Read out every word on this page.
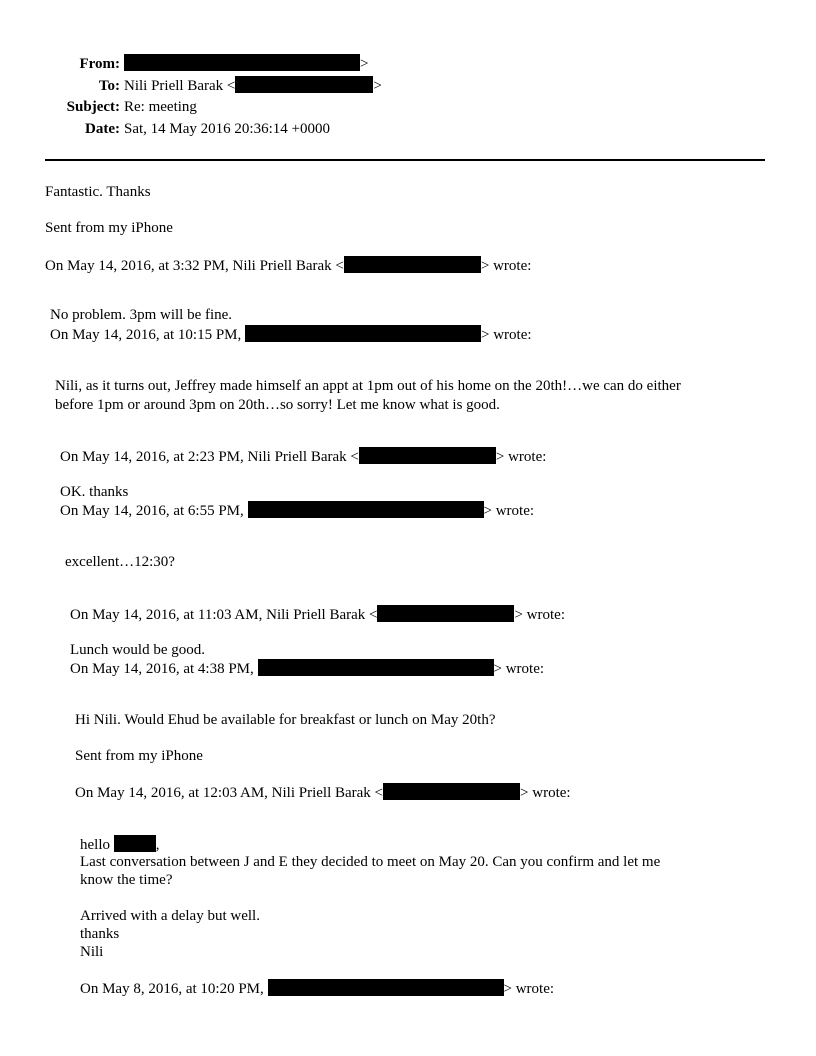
From:	>
To: Nili Priell Barak <	>
Subject: Re: meeting
Date: Sat, 14 May 2016 20:36:14 +0000
Fantastic. Thanks
Sent from my iPhone
On May 14, 2016, at 3:32 PM, Nili Priell Barak <	> wrote:
No problem. 3pm will be fine.
On May 14, 2016, at 10:15 PM,	> wrote:
Nili, as it turns out, Jeffrey made himself an appt at 1pm out of his home on the 20th!…we can do either
before 1pm or around 3pm on 20th…so sorry! Let me know what is good.
On May 14, 2016, at 2:23 PM, Nili Priell Barak <	> wrote:
OK. thanks
On May 14, 2016, at 6:55 PM,	> wrote:
excellent…12:30?
On May 14, 2016, at 11:03 AM, Nili Priell Barak <	> wrote:
Lunch would be good.
On May 14, 2016, at 4:38 PM,	> wrote:
Hi Nili. Would Ehud be available for breakfast or lunch on May 20th?
Sent from my iPhone
On May 14, 2016, at 12:03 AM, Nili Priell Barak <	> wrote:
hello	,
Last conversation between J and E they decided to meet on May 20. Can you confirm and let me
know the time?
Arrived with a delay but well.
thanks
Nili
On May 8, 2016, at 10:20 PM,	> wrote:
